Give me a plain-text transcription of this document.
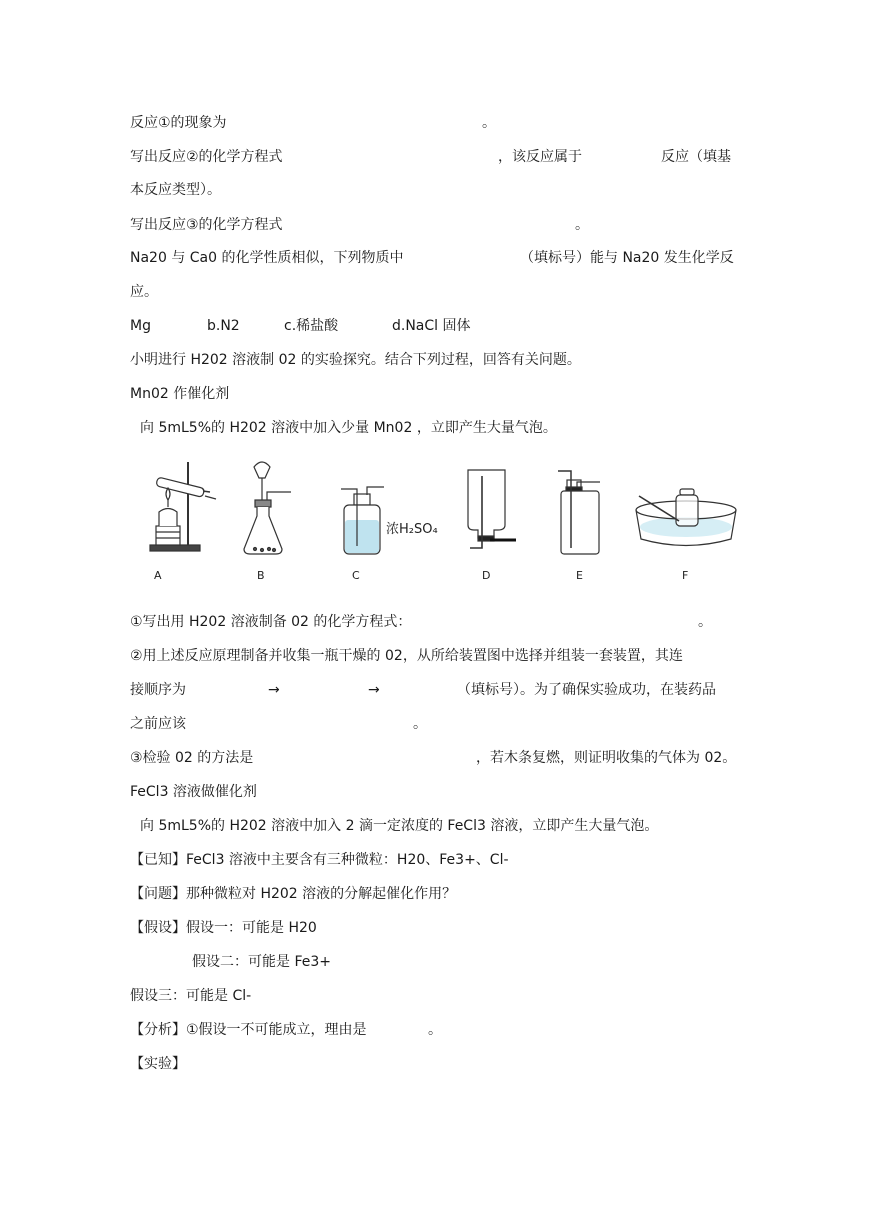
反应①的现象为	。
写出反应②的化学方程式	，该反应属于	反应（填基
本反应类型）。
写出反应③的化学方程式	。
Na20 与 Ca0 的化学性质相似，下列物质中	（填标号）能与 Na20 发生化学反
应。
Mg	b.N2	c.稀盐酸	d.NaCl 固体
小明进行 H202 溶液制 02 的实验探究。结合下列过程，回答有关问题。
Mn02 作催化剂
向 5mL5%的 H202 溶液中加入少量 Mn02 ，立即产生大量气泡。
浓H₂SO₄
A	B	C	D	E	F
①写出用 H202 溶液制备 02 的化学方程式：	。
②用上述反应原理制备并收集一瓶干燥的 02，从所给装置图中选择并组装一套装置，其连
接顺序为	→	→	（填标号）。为了确保实验成功，在装药品
之前应该	。
③检验 02 的方法是	，若木条复燃，则证明收集的气体为 02。
FeCl3 溶液做催化剂
向 5mL5%的 H202 溶液中加入 2 滴一定浓度的 FeCl3 溶液，立即产生大量气泡。
【已知】FeCl3 溶液中主要含有三种微粒：H20、Fe3+、Cl-
【问题】那种微粒对 H202 溶液的分解起催化作用？
【假设】假设一：可能是 H20
假设二：可能是 Fe3+
假设三：可能是 Cl-
【分析】①假设一不可能成立，理由是	。
【实验】
